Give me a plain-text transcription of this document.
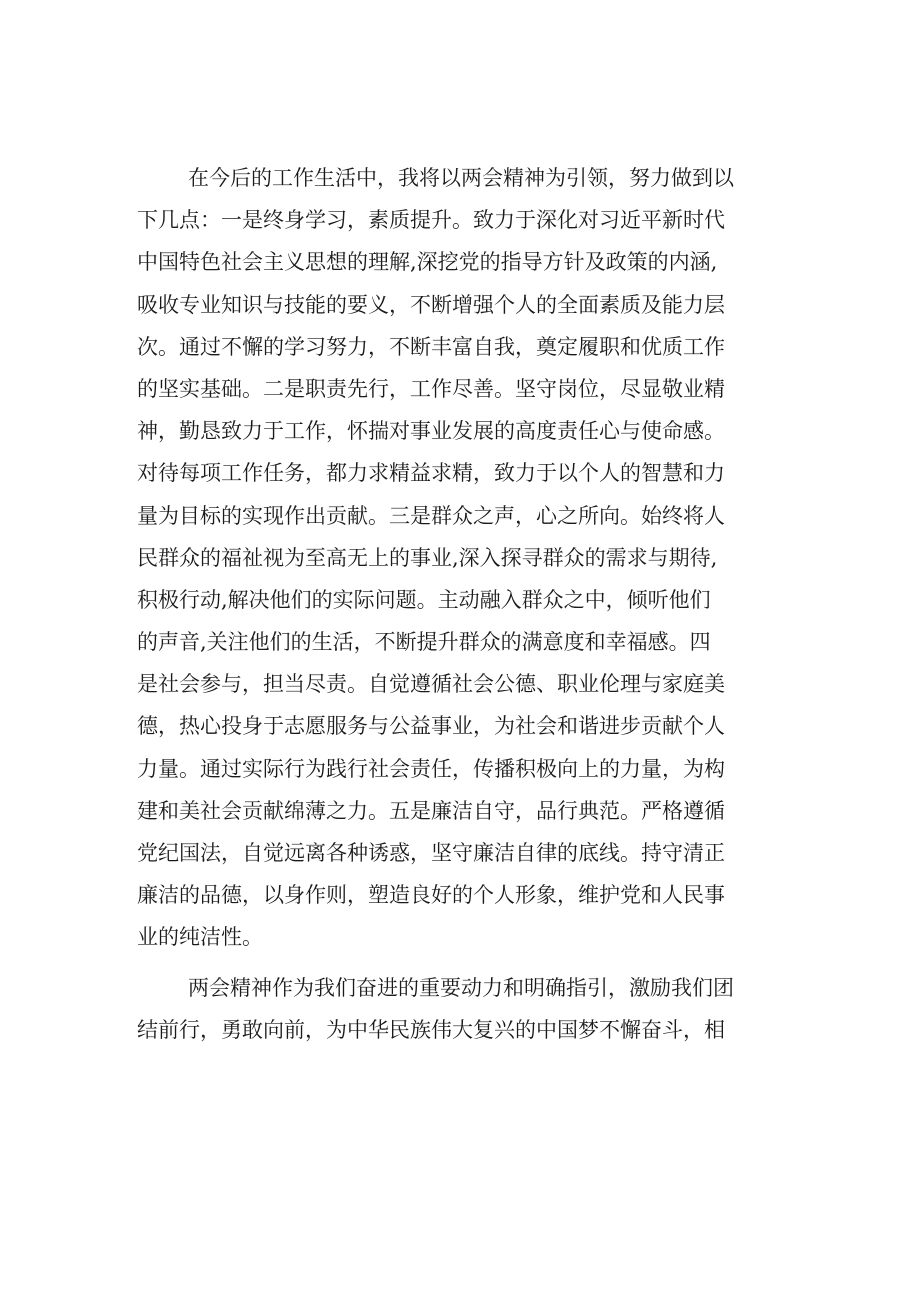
在今后的工作生活中，我将以两会精神为引领，努力做到以
下几点：一是终身学习，素质提升。致力于深化对习近平新时代
中国特色社会主义思想的理解,深挖党的指导方针及政策的内涵,
吸收专业知识与技能的要义，不断增强个人的全面素质及能力层
次。通过不懈的学习努力，不断丰富自我，奠定履职和优质工作
的坚实基础。二是职责先行，工作尽善。坚守岗位，尽显敬业精
神，勤恳致力于工作，怀揣对事业发展的高度责任心与使命感。
对待每项工作任务，都力求精益求精，致力于以个人的智慧和力
量为目标的实现作出贡献。三是群众之声，心之所向。始终将人
民群众的福祉视为至高无上的事业,深入探寻群众的需求与期待,
积极行动,解决他们的实际问题。主动融入群众之中，倾听他们
的声音,关注他们的生活，不断提升群众的满意度和幸福感。四
是社会参与，担当尽责。自觉遵循社会公德、职业伦理与家庭美
德，热心投身于志愿服务与公益事业，为社会和谐进步贡献个人
力量。通过实际行为践行社会责任，传播积极向上的力量，为构
建和美社会贡献绵薄之力。五是廉洁自守，品行典范。严格遵循
党纪国法，自觉远离各种诱惑，坚守廉洁自律的底线。持守清正
廉洁的品德，以身作则，塑造良好的个人形象，维护党和人民事
业的纯洁性。
两会精神作为我们奋进的重要动力和明确指引，激励我们团
结前行，勇敢向前，为中华民族伟大复兴的中国梦不懈奋斗，相
